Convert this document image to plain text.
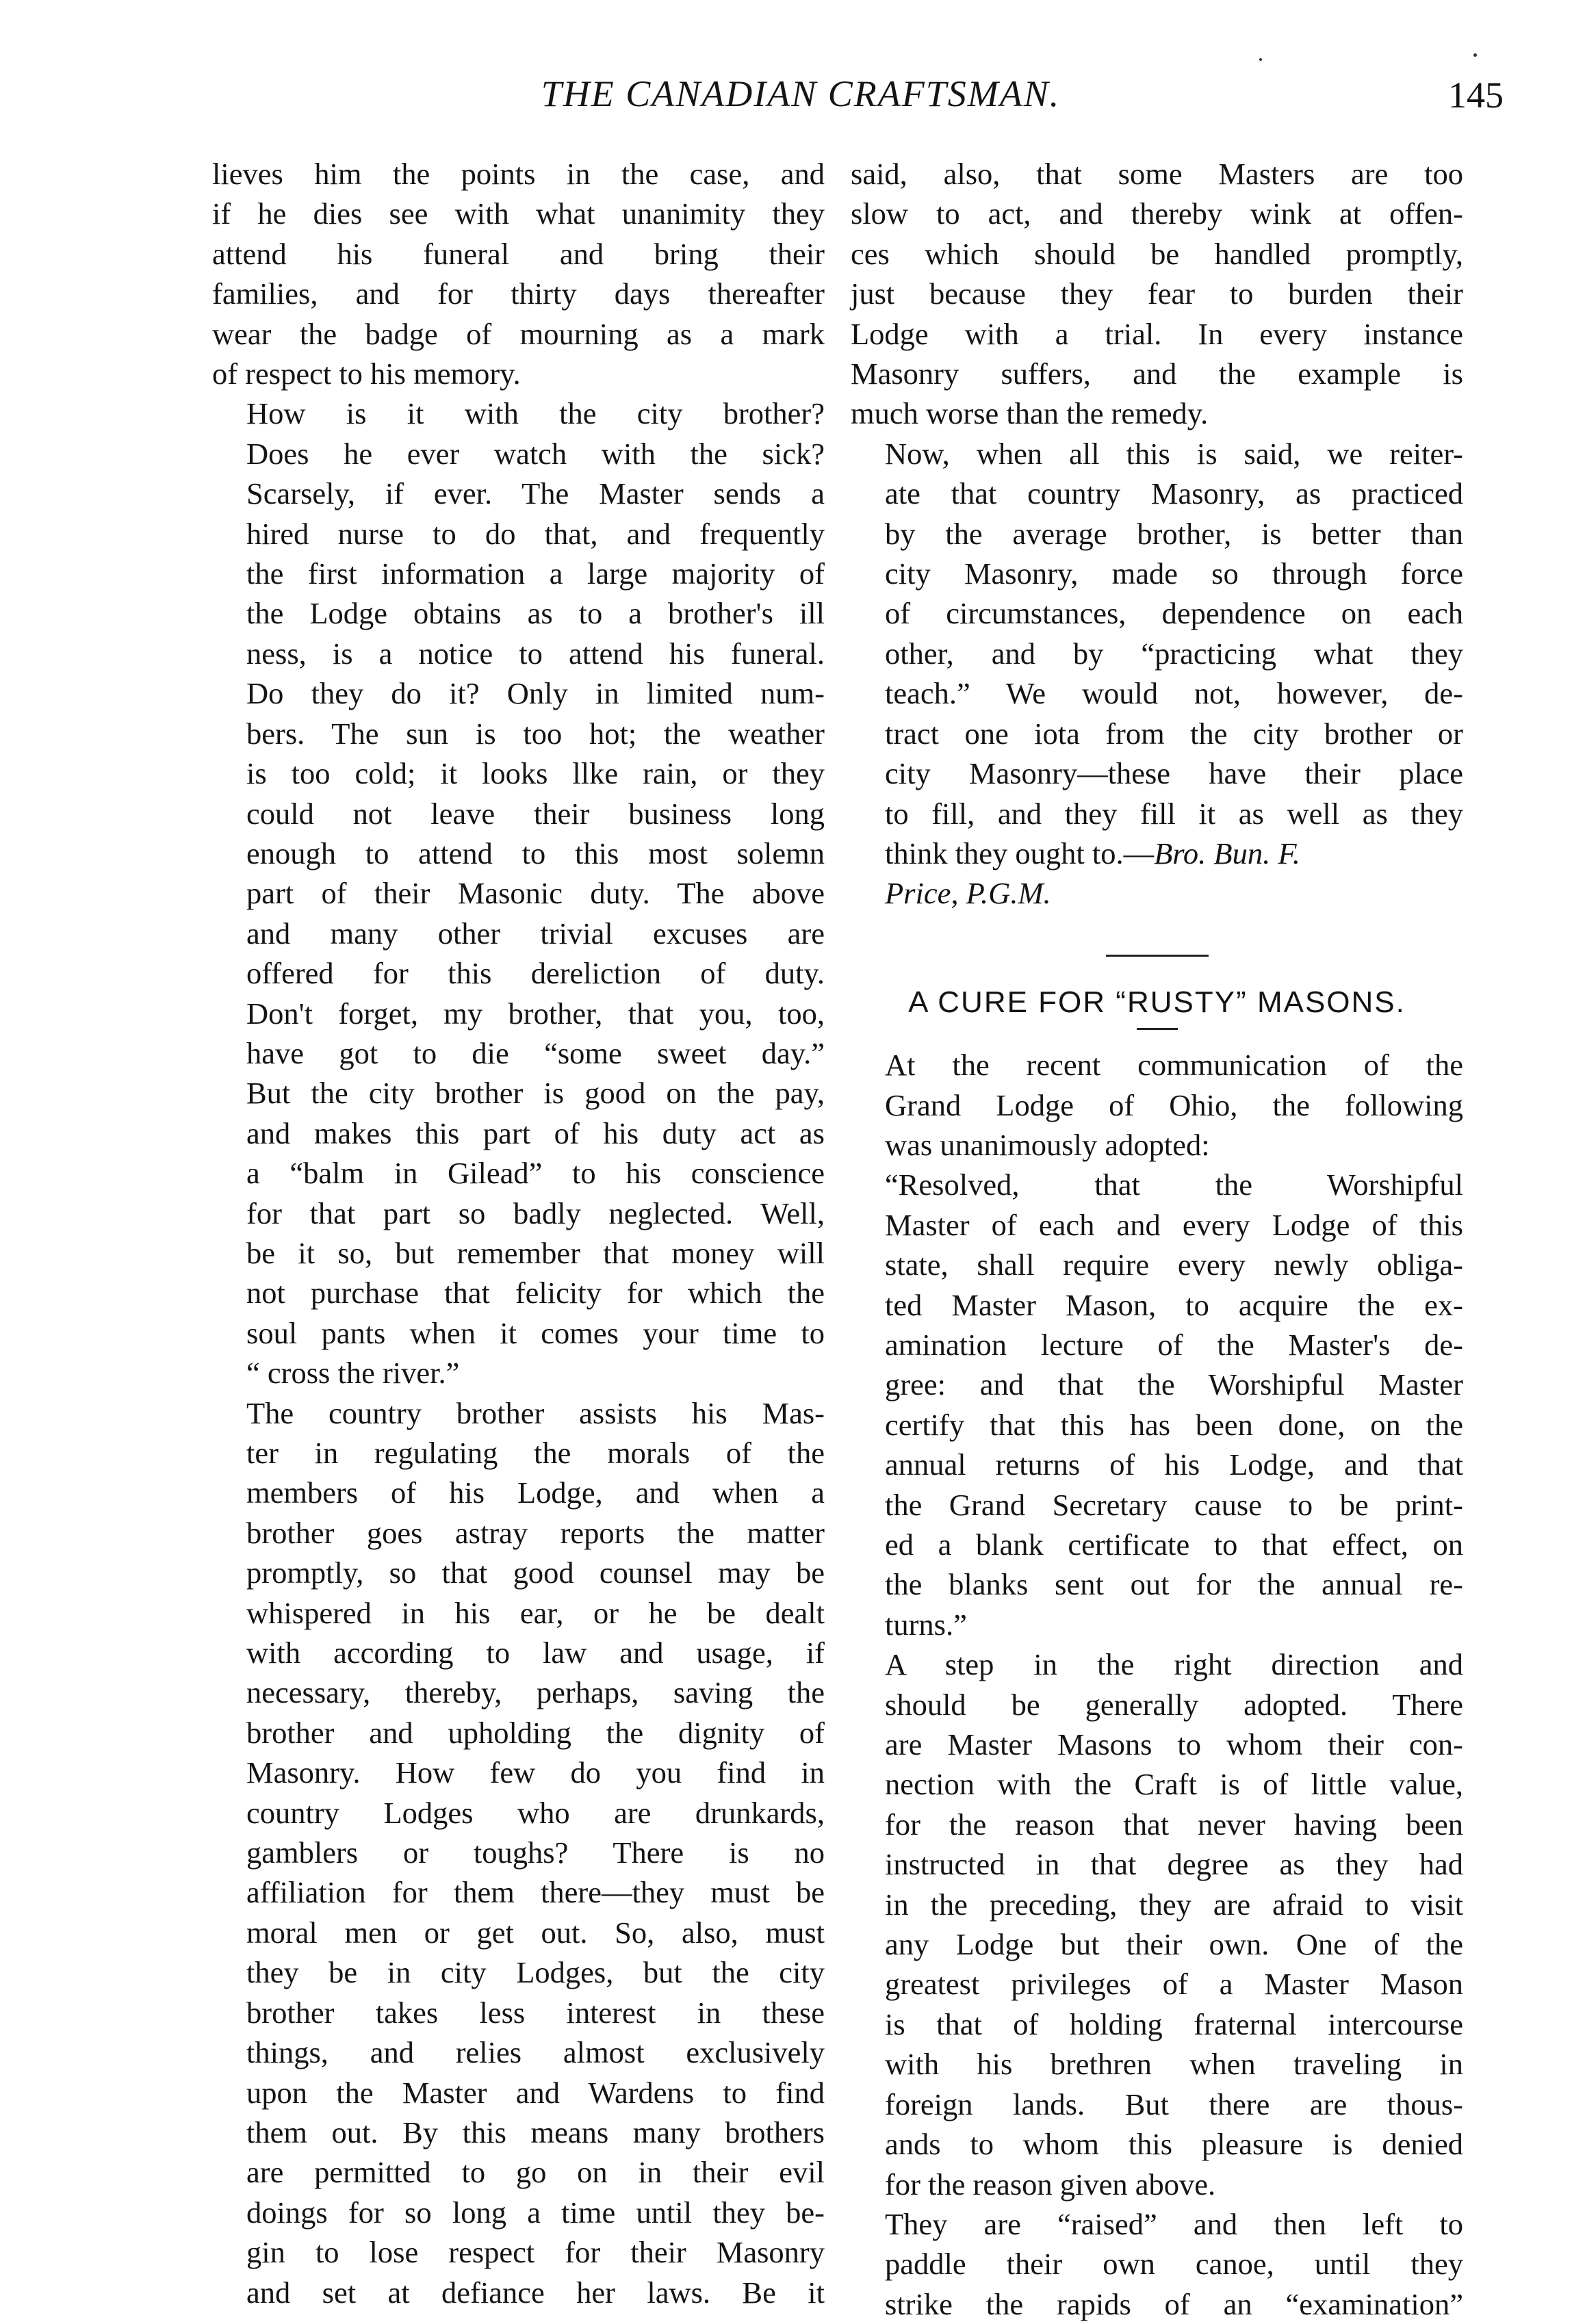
THE CANADIAN CRAFTSMAN.	145
lieves him the points in the case, and
if he dies see with what unanimity they
attend his funeral and bring their
families, and for thirty days thereafter
wear the badge of mourning as a mark
of respect to his memory.
How is it with the city brother?
Does he ever watch with the sick?
Scarsely, if ever. The Master sends a
hired nurse to do that, and frequently
the first information a large majority of
the Lodge obtains as to a brother's ill
ness, is a notice to attend his funeral.
Do they do it? Only in limited num-
bers. The sun is too hot; the weather
is too cold; it looks llke rain, or they
could not leave their business long
enough to attend to this most solemn
part of their Masonic duty. The above
and many other trivial excuses are
offered for this dereliction of duty.
Don't forget, my brother, that you, too,
have got to die “some sweet day.”
But the city brother is good on the pay,
and makes this part of his duty act as
a “balm in Gilead” to his conscience
for that part so badly neglected. Well,
be it so, but remember that money will
not purchase that felicity for which the
soul pants when it comes your time to
“ cross the river.”
The country brother assists his Mas-
ter in regulating the morals of the
members of his Lodge, and when a
brother goes astray reports the matter
promptly, so that good counsel may be
whispered in his ear, or he be dealt
with according to law and usage, if
necessary, thereby, perhaps, saving the
brother and upholding the dignity of
Masonry. How few do you find in
country Lodges who are drunkards,
gamblers or toughs? There is no
affiliation for them there—they must be
moral men or get out. So, also, must
they be in city Lodges, but the city
brother takes less interest in these
things, and relies almost exclusively
upon the Master and Wardens to find
them out. By this means many brothers
are permitted to go on in their evil
doings for so long a time until they be-
gin to lose respect for their Masonry
and set at defiance her laws. Be it
said, also, that some Masters are too
slow to act, and thereby wink at offen-
ces which should be handled promptly,
just because they fear to burden their
Lodge with a trial. In every instance
Masonry suffers, and the example is
much worse than the remedy.
Now, when all this is said, we reiter-
ate that country Masonry, as practiced
by the average brother, is better than
city Masonry, made so through force
of circumstances, dependence on each
other, and by “practicing what they
teach.” We would not, however, de-
tract one iota from the city brother or
city Masonry—these have their place
to fill, and they fill it as well as they
think they ought to.—Bro. Bun. F.
Price, P.G.M.
A CURE FOR “RUSTY” MASONS.
At the recent communication of the
Grand Lodge of Ohio, the following
was unanimously adopted:
“Resolved, that the Worshipful
Master of each and every Lodge of this
state, shall require every newly obliga-
ted Master Mason, to acquire the ex-
amination lecture of the Master's de-
gree: and that the Worshipful Master
certify that this has been done, on the
annual returns of his Lodge, and that
the Grand Secretary cause to be print-
ed a blank certificate to that effect, on
the blanks sent out for the annual re-
turns.”
A step in the right direction and
should be generally adopted. There
are Master Masons to whom their con-
nection with the Craft is of little value,
for the reason that never having been
instructed in that degree as they had
in the preceding, they are afraid to visit
any Lodge but their own. One of the
greatest privileges of a Master Mason
is that of holding fraternal intercourse
with his brethren when traveling in
foreign lands. But there are thous-
ands to whom this pleasure is denied
for the reason given above.
They are “raised” and then left to
paddle their own canoe, until they
strike the rapids of an “examination”
